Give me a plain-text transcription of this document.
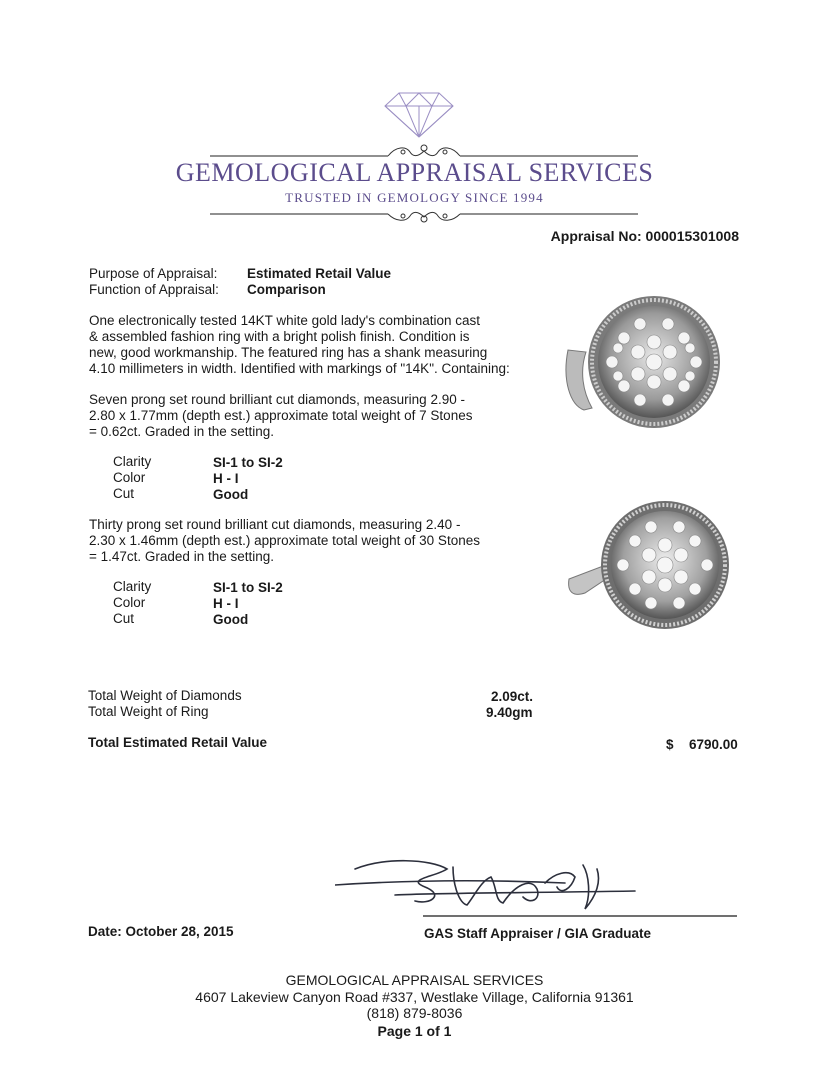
GEMOLOGICAL APPRAISAL SERVICES
TRUSTED IN GEMOLOGY SINCE 1994
Appraisal No: 000015301008
Purpose of Appraisal: Estimated Retail Value
Function of Appraisal: Comparison
One electronically tested 14KT white gold lady's combination cast
& assembled fashion ring with a bright polish finish. Condition is
new, good workmanship. The featured ring has a shank measuring
4.10 millimeters in width. Identified with markings of "14K". Containing:
Seven prong set round brilliant cut diamonds, measuring 2.90 -
2.80 x 1.77mm (depth est.) approximate total weight of 7 Stones
= 0.62ct. Graded in the setting.
Clarity	SI-1 to SI-2
Color	H - I
Cut	Good
Thirty prong set round brilliant cut diamonds, measuring 2.40 -
2.30 x 1.46mm (depth est.) approximate total weight of 30 Stones
= 1.47ct. Graded in the setting.
Clarity	SI-1 to SI-2
Color	H - I
Cut	Good
Total Weight of Diamonds	2.09ct.
Total Weight of Ring	9.40gm
Total Estimated Retail Value	$ 6790.00
Date: October 28, 2015	GAS Staff Appraiser / GIA Graduate
GEMOLOGICAL APPRAISAL SERVICES
4607 Lakeview Canyon Road #337, Westlake Village, California 91361
(818) 879-8036
Page 1 of 1
